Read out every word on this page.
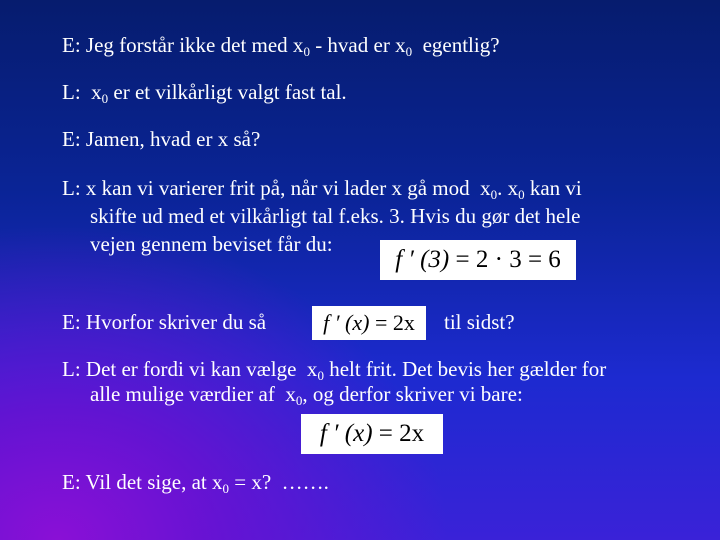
E: Jeg forstår ikke det med $x_0$ - hvad er $x_0$  egentlig?

L:  $x_0$ er et vilkårligt valgt fast tal.

E: Jamen, hvad er x så?

L: x kan vi varierer frit på, når vi lader x gå mod  $x_0$. $x_0$ kan vi

skifte ud med et vilkårligt tal f.eks. 3. Hvis du gør det hele

vejen gennem beviset får du:

f ′ (3) = 2 · 3 = 6

E: Hvorfor skriver du så	f ′ (x) = 2x til sidst?

L: Det er fordi vi kan vælge  $x_0$ helt frit. Det bevis her gælder for

alle mulige værdier af  $x_0$, og derfor skriver vi bare:

f ′ (x) = 2x

E: Vil det sige, at $x_0 = x$?  …….
